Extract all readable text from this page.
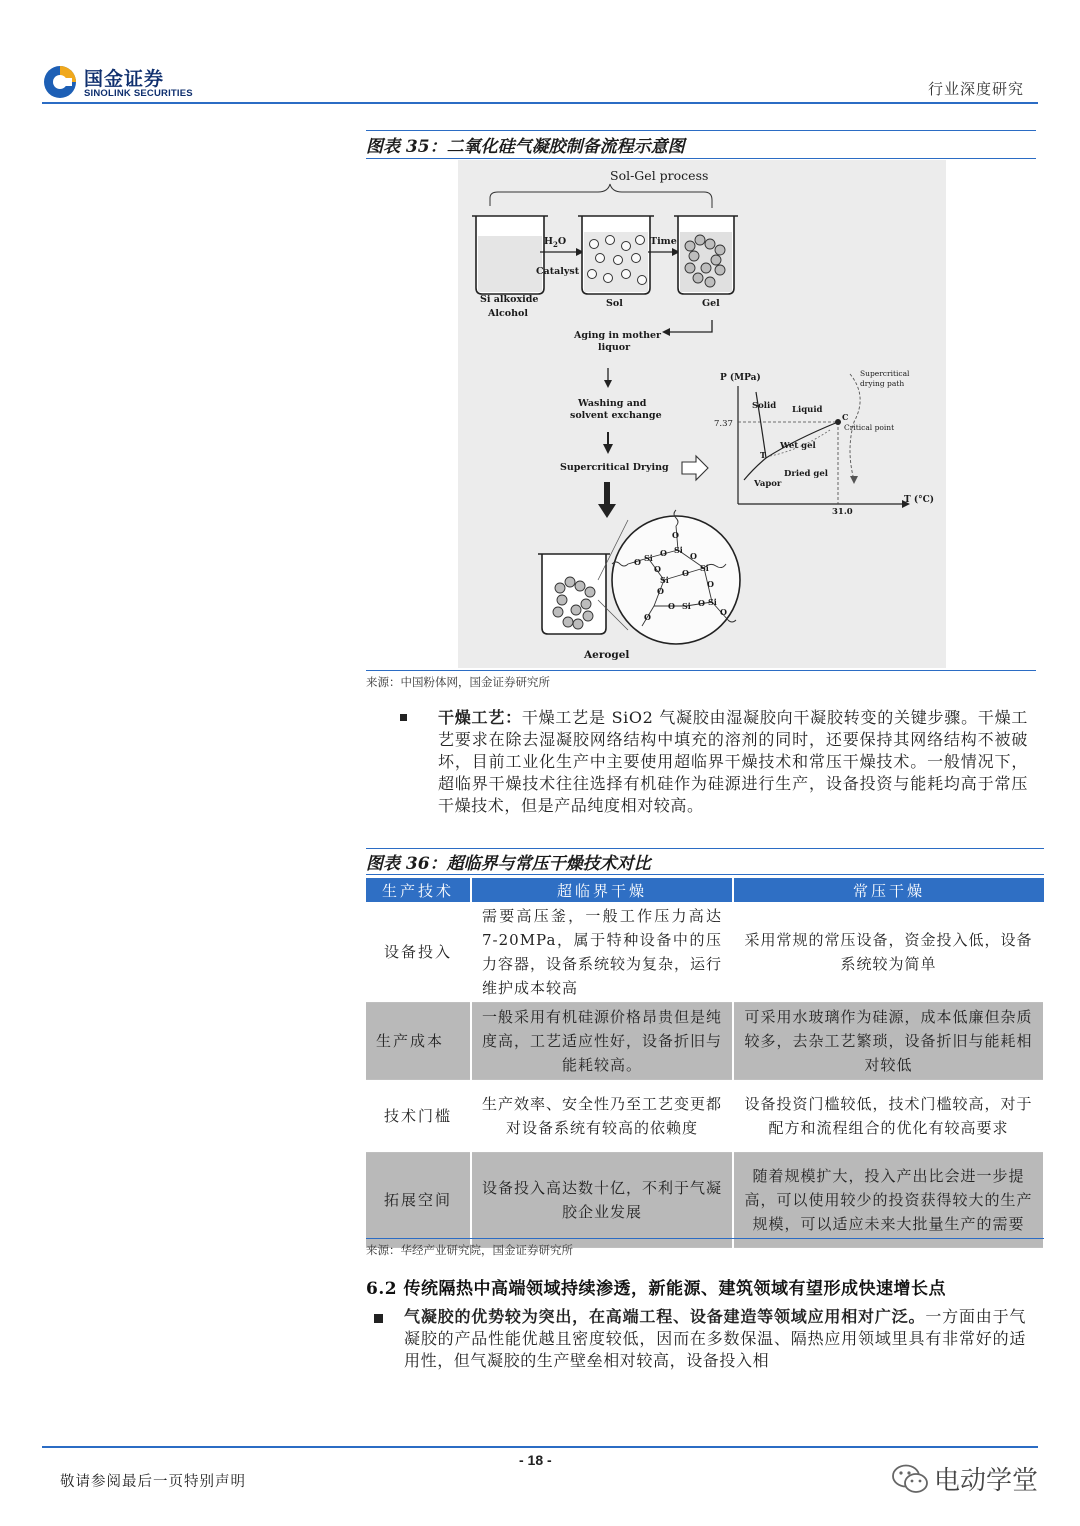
国金证券
SINOLINK SECURITIES	行业深度研究
图表 35：二氧化硅气凝胶制备流程示意图
Sol-Gel process
Si alkoxide
Alcohol
$H_2O$
Catalyst
Sol
Time
Gel
Aging in mother
liquor
Washing and
solvent exchange
Supercritical Drying
P (MPa)
T (°C)
7.37
31.0
Solid Liquid
Wet gel
Dried gel
Vapor
T
C
Critical point
Supercritical
drying path
Aerogel
Si
Si
Si
Si
Si Si
O	O
O
O
O
O	O
O
O
O
O	O
来源：中国粉体网，国金证券研究所
干燥工艺：干燥工艺是 SiO2 气凝胶由湿凝胶向干凝胶转变的关键步骤。干燥工艺要求在除去湿凝胶网络结构中填充的溶剂的同时，还要保持其网络结构不被破坏，目前工业化生产中主要使用超临界干燥技术和常压干燥技术。一般情况下，超临界干燥技术往往选择有机硅作为硅源进行生产，设备投资与能耗均高于常压干燥技术，但是产品纯度相对较高。
图表 36：超临界与常压干燥技术对比
生产技术	超临界干燥	常压干燥
设备投入	需要高压釜，一般工作压力高达 7-20MPa，属于特种设备中的压力容器，设备系统较为复杂，运行维护成本较高	采用常规的常压设备，资金投入低，设备系统较为简单
生产成本	一般采用有机硅源价格昂贵但是纯度高，工艺适应性好，设备折旧与能耗较高。	可采用水玻璃作为硅源，成本低廉但杂质较多，去杂工艺繁琐，设备折旧与能耗相对较低
技术门槛	生产效率、安全性乃至工艺变更都对设备系统有较高的依赖度	设备投资门槛较低，技术门槛较高，对于配方和流程组合的优化有较高要求
拓展空间	设备投入高达数十亿，不利于气凝胶企业发展	随着规模扩大，投入产出比会进一步提高，可以使用较少的投资获得较大的生产规模，可以适应未来大批量生产的需要
来源：华经产业研究院，国金证券研究所
6.2 传统隔热中高端领域持续渗透，新能源、建筑领域有望形成快速增长点
气凝胶的优势较为突出，在高端工程、设备建造等领域应用相对广泛。一方面由于气凝胶的产品性能优越且密度较低，因而在多数保温、隔热应用领域里具有非常好的适用性，但气凝胶的生产壁垒相对较高，设备投入相
- 18 -
敬请参阅最后一页特别声明	电动学堂
